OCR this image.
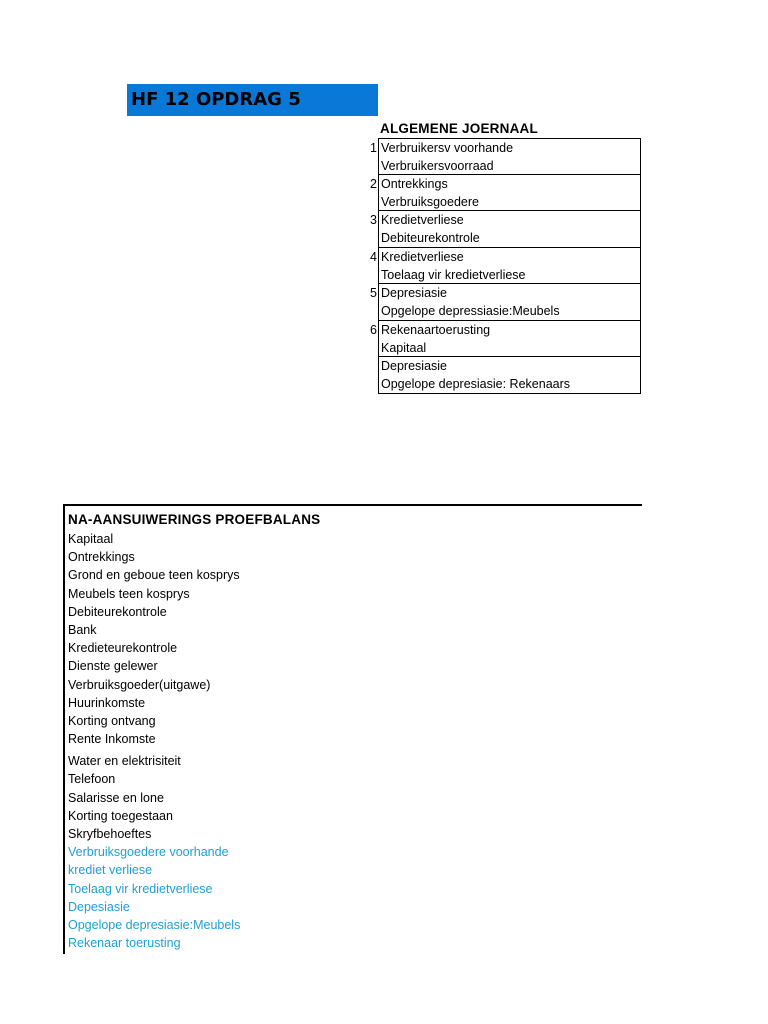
HF 12 OPDRAG 5
ALGEMENE JOERNAAL
1 Verbruikersv voorhande
Verbruikersvoorraad
2 Ontrekkings
Verbruiksgoedere
3 Kredietverliese
Debiteurekontrole
4 Kredietverliese
Toelaag vir kredietverliese
5 Depresiasie
Opgelope depressiasie:Meubels
6 Rekenaartoerusting
Kapitaal
Depresiasie
Opgelope depresiasie: Rekenaars
NA-AANSUIWERINGS PROEFBALANS
Kapitaal
Ontrekkings
Grond en geboue teen kosprys
Meubels teen kosprys
Debiteurekontrole
Bank
Kredieteurekontrole
Dienste gelewer
Verbruiksgoeder(uitgawe)
Huurinkomste
Korting ontvang
Rente Inkomste
Water en elektrisiteit
Telefoon
Salarisse en lone
Korting toegestaan
Skryfbehoeftes
Verbruiksgoedere voorhande
krediet verliese
Toelaag vir kredietverliese
Depesiasie
Opgelope depresiasie:Meubels
Rekenaar toerusting
